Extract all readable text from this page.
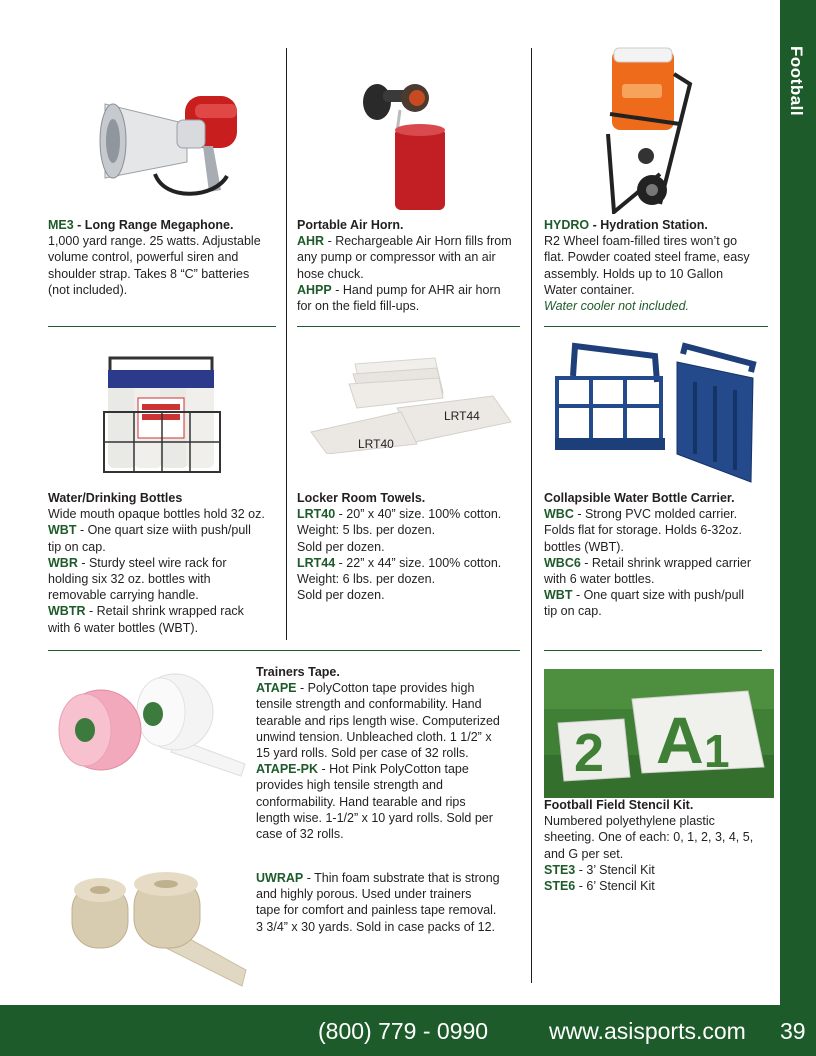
Football
ME3 - Long Range Megaphone.
1,000 yard range. 25 watts. Adjustable
volume control, powerful siren and
shoulder strap. Takes 8 “C” batteries
(not included).
Portable Air Horn.
AHR - Rechargeable Air Horn fills from
any pump or compressor with an air
hose chuck.
AHPP - Hand pump for AHR air horn
for on the field fill-ups.
HYDRO - Hydration Station.
R2 Wheel foam-filled tires won’t go
flat. Powder coated steel frame, easy
assembly. Holds up to 10 Gallon
Water container.
Water cooler not included.
LRT44
LRT40
Water/Drinking Bottles
Wide mouth opaque bottles hold 32 oz.
WBT - One quart size wiith push/pull
tip on cap.
WBR - Sturdy steel wire rack for
holding six 32 oz. bottles with
removable carrying handle.
WBTR - Retail shrink wrapped rack
with 6 water bottles (WBT).
Locker Room Towels.
LRT40 - 20” x 40” size. 100% cotton.
Weight: 5 lbs. per dozen.
Sold per dozen.
LRT44 - 22” x 44” size. 100% cotton.
Weight: 6 lbs. per dozen.
Sold per dozen.
Collapsible Water Bottle Carrier.
WBC - Strong PVC molded carrier.
Folds flat for storage. Holds 6-32oz.
bottles (WBT).
WBC6 - Retail shrink wrapped carrier
with 6 water bottles.
WBT - One quart size with push/pull
tip on cap.
Trainers Tape.
ATAPE - PolyCotton tape provides high
tensile strength and conformability. Hand
tearable and rips length wise. Computerized
unwind tension. Unbleached cloth. 1 1/2” x
15 yard rolls. Sold per case of 32 rolls.
ATAPE-PK - Hot Pink PolyCotton tape
provides high tensile strength and
conformability. Hand tearable and rips
length wise. 1-1/2” x 10 yard rolls. Sold per
case of 32 rolls.
UWRAP - Thin foam substrate that is strong
and highly porous. Used under trainers
tape for comfort and painless tape removal.
3 3/4” x 30 yards. Sold in case packs of 12.
2 A 1
Football Field Stencil Kit.
Numbered polyethylene plastic
sheeting. One of each: 0, 1, 2, 3, 4, 5,
and G per set.
STE3 - 3’ Stencil Kit
STE6 - 6’ Stencil Kit
(800) 779 - 0990	www.asisports.com 39
